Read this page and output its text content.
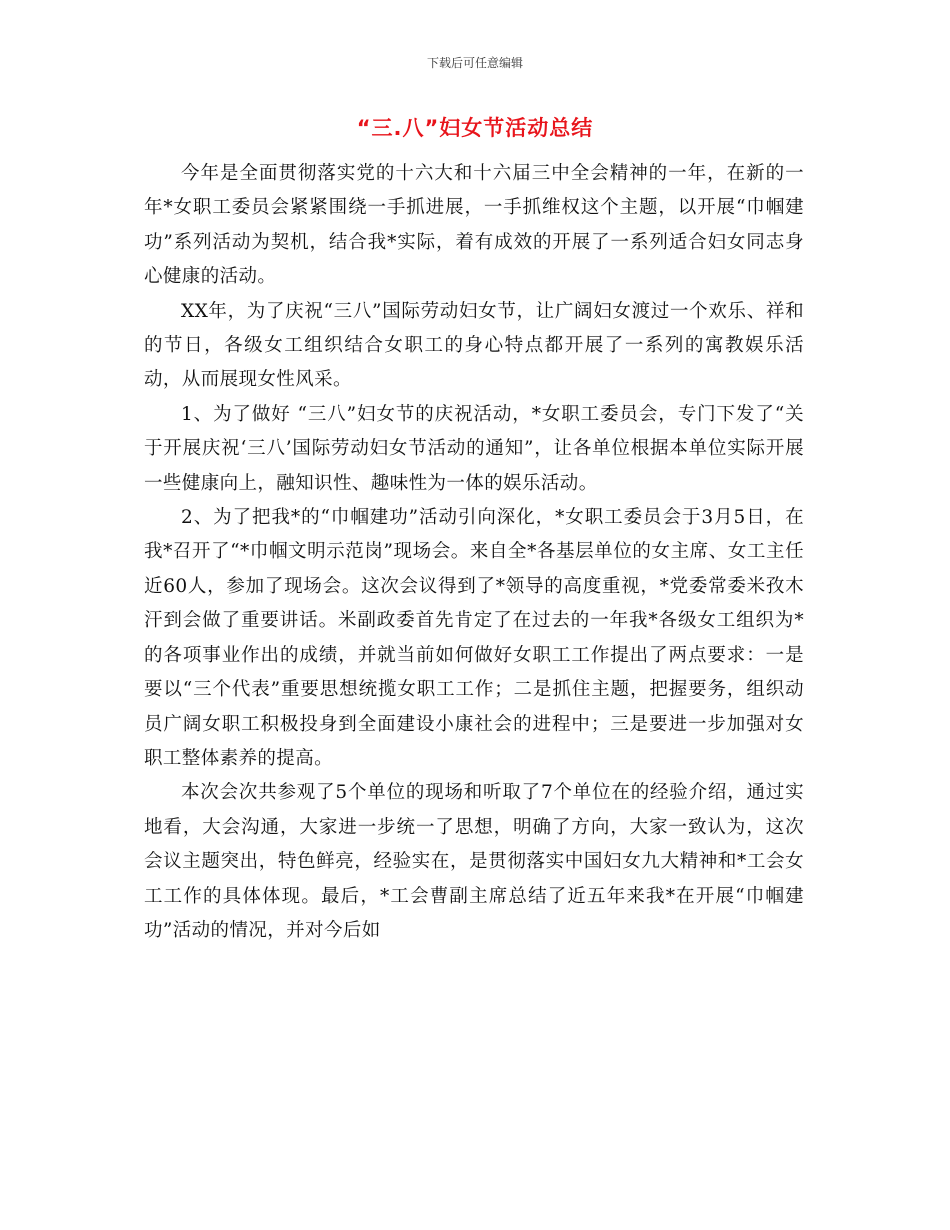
下载后可任意编辑
“三.八”妇女节活动总结

今年是全面贯彻落实党的十六大和十六届三中全会精神的一年，在新的一年*女职工委员会紧紧围绕一手抓进展，一手抓维权这个主题，以开展“巾帼建功”系列活动为契机，结合我*实际，着有成效的开展了一系列适合妇女同志身心健康的活动。

XX年，为了庆祝“三八”国际劳动妇女节，让广阔妇女渡过一个欢乐、祥和的节日，各级女工组织结合女职工的身心特点都开展了一系列的寓教娱乐活动，从而展现女性风采。

1、为了做好 “三八”妇女节的庆祝活动，*女职工委员会，专门下发了“关于开展庆祝‘三八’国际劳动妇女节活动的通知”，让各单位根据本单位实际开展一些健康向上，融知识性、趣味性为一体的娱乐活动。

2、为了把我*的“巾帼建功”活动引向深化，*女职工委员会于3月5日，在我*召开了“*巾帼文明示范岗”现场会。来自全*各基层单位的女主席、女工主任近60人，参加了现场会。这次会议得到了*领导的高度重视，*党委常委米孜木汗到会做了重要讲话。米副政委首先肯定了在过去的一年我*各级女工组织为*的各项事业作出的成绩，并就当前如何做好女职工工作提出了两点要求：一是要以“三个代表”重要思想统揽女职工工作；二是抓住主题，把握要务，组织动员广阔女职工积极投身到全面建设小康社会的进程中；三是要进一步加强对女职工整体素养的提高。

本次会次共参观了5个单位的现场和听取了7个单位在的经验介绍，通过实地看，大会沟通，大家进一步统一了思想，明确了方向，大家一致认为，这次会议主题突出，特色鲜亮，经验实在，是贯彻落实中国妇女九大精神和*工会女工工作的具体体现。最后，*工会曹副主席总结了近五年来我*在开展“巾帼建功”活动的情况，并对今后如
